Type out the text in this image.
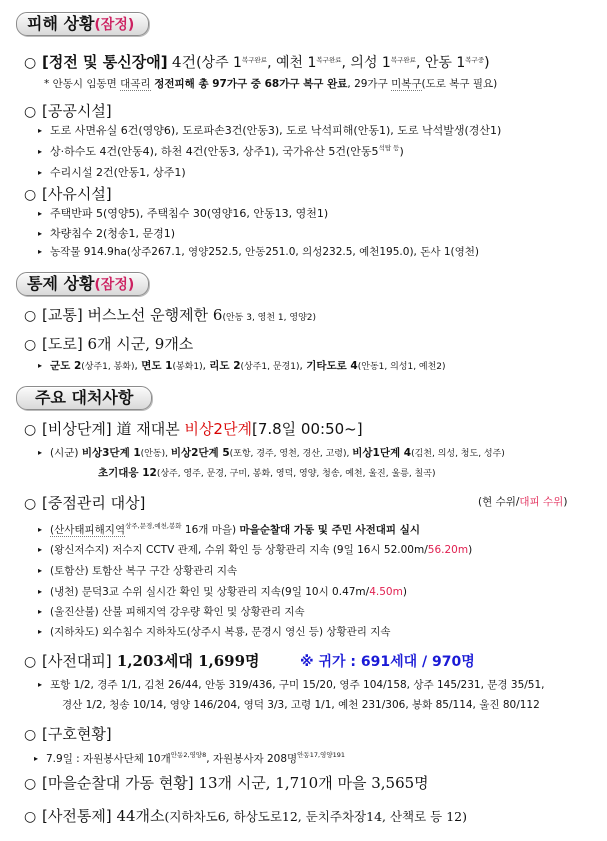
피해 상황(잠정)
○ [정전 및 통신장애] 4건(상주 $1^{복구완료}$, 예천 $1^{복구완료}$, 의성 $1^{복구완료}$, 안동 $1^{복구중}$)
* 안동시 임동면 대곡리 정전피해 총 97가구 중 68가구 복구 완료, 29가구 미복구(도로 복구 필요)
○ [공공시설]
▸ 도로 사면유실 6건(영양6), 도로파손3건(안동3), 도로 낙석피해(안동1), 도로 낙석발생(경산1)
▸ 상·하수도 4건(안동4), 하천 4건(안동3, 상주1), 국가유산 5건(안동$5^{석탑 등}$)
▸ 수리시설 2건(안동1, 상주1)
○ [사유시설]
▸ 주택반파 5(영양5), 주택침수 30(영양16, 안동13, 영천1)
▸ 차량침수 2(청송1, 문경1)
▸ 농작물 914.9ha(상주267.1, 영양252.5, 안동251.0, 의성232.5, 예천195.0), 돈사 1(영천)
통제 상황(잠정)
○ [교통] 버스노선 운행제한 6(안동 3, 영천 1, 영양2)
○ [도로] 6개 시군, 9개소
▸ 군도 2(상주1, 봉화), 면도 1(봉화1), 리도 2(상주1, 문경1), 기타도로 4(안동1, 의성1, 예천2)
주요 대처사항
○ [비상단계] 道 재대본 비상2단계[7.8일 00:50~]
▸ (시군) 비상3단계 1(안동), 비상2단계 5(포항, 경주, 영천, 경산, 고령), 비상1단계 4(김천, 의성, 청도, 성주)
초기대응 12(상주, 영주, 문경, 구미, 봉화, 영덕, 영양, 청송, 예천, 울진, 울릉, 칠곡)
○ [중점관리 대상]	(현 수위/대피 수위)
▸ (산사태피해지역$^{상주,문경,예천,봉화}$ 16개 마을) 마을순찰대 가동 및 주민 사전대피 실시
▸ (왕신저수지) 저수지 CCTV 관제, 수위 확인 등 상황관리 지속 (9일 16시 52.00m/56.20m)
▸ (토함산) 토함산 복구 구간 상황관리 지속
▸ (냉천) 문덕3교 수위 실시간 확인 및 상황관리 지속(9일 10시 0.47m/4.50m)
▸ (울진산불) 산불 피해지역 강우량 확인 및 상황관리 지속
▸ (지하차도) 외수침수 지하차도(상주시 복룡, 문경시 영신 등) 상황관리 지속
○ [사전대피] 1,203세대 1,699명	※ 귀가 : 691세대 / 970명
▸ 포항 1/2, 경주 1/1, 김천 26/44, 안동 319/436, 구미 15/20, 영주 104/158, 상주 145/231, 문경 35/51,
경산 1/2, 청송 10/14, 영양 146/204, 영덕 3/3, 고령 1/1, 예천 231/306, 봉화 85/114, 울진 80/112
○ [구호현황]
▸ 7.9일 : 자원봉사단체 10개$^{안동2,영양8}$, 자원봉사자 208명$^{안동17,영양191}$
○ [마을순찰대 가동 현황] 13개 시군, 1,710개 마을 3,565명
○ [사전통제] 44개소(지하차도6, 하상도로12, 둔치주차장14, 산책로 등 12)
